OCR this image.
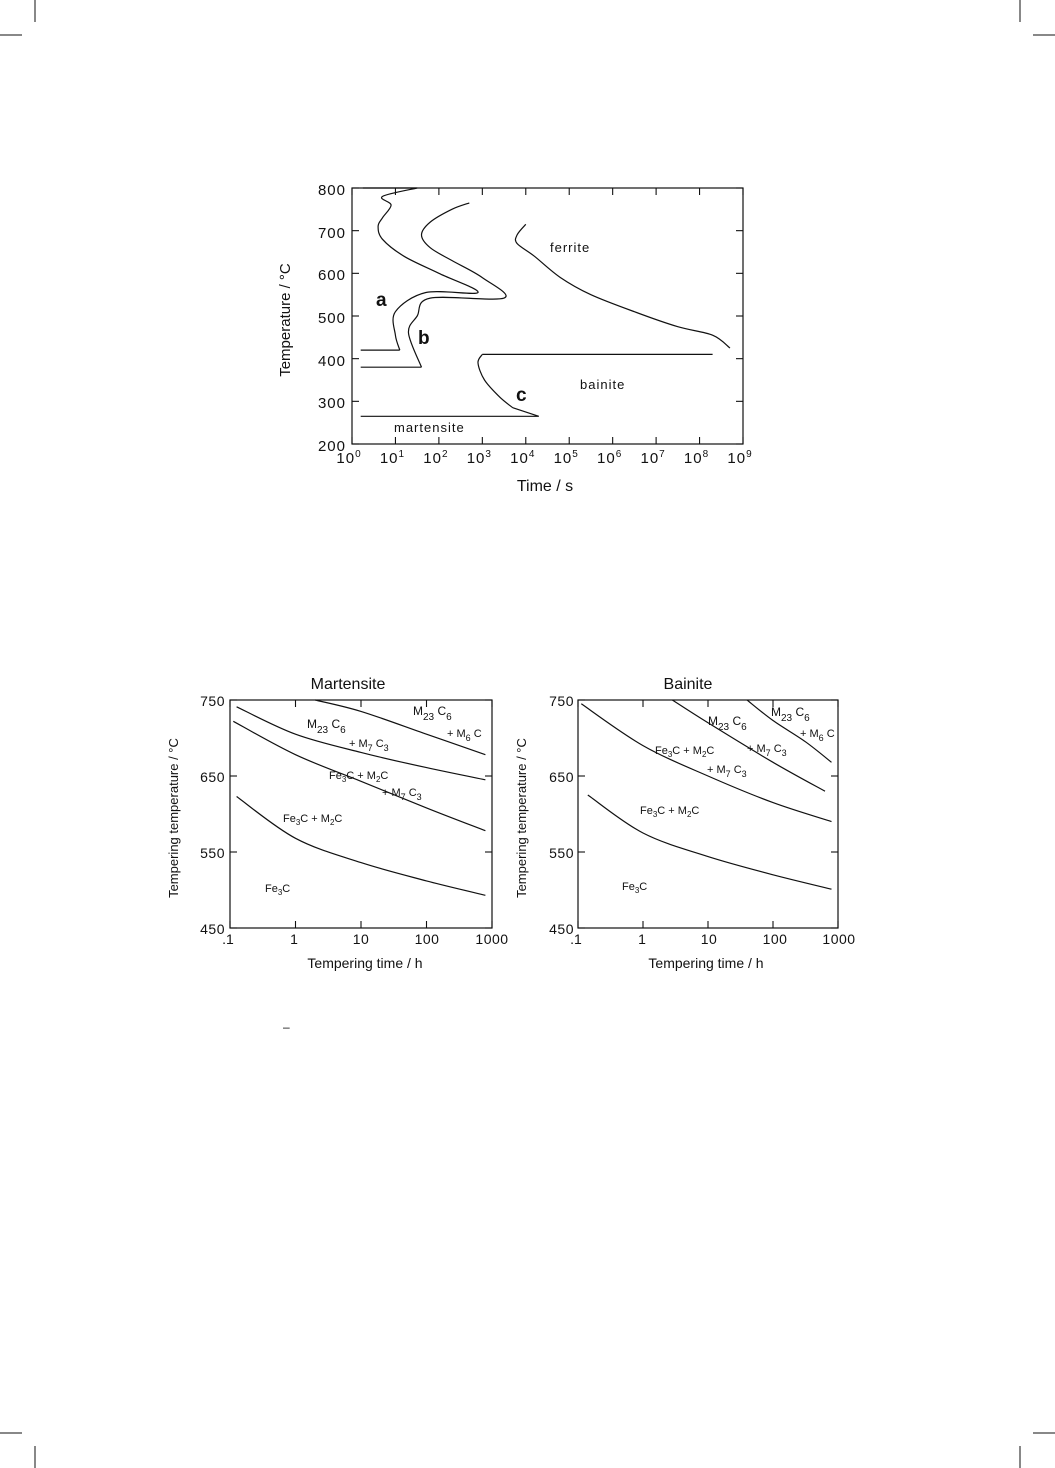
800
700
600
500
400
300
200
$10^0$ $10^1$ $10^2$ $10^3$ $10^4$ $10^5$ $10^6$ $10^7$ $10^8$ $10^9$
Temperature / °C
Time / s
a
b
c
ferrite
bainite
martensite
Martensite
750
650
550
450
.1	1	10	100	1000
Tempering time / h
Tempering temperature / °C	$Fe_3C$
$Fe_3C + M_2C$
$Fe_3C + M_2C$
+ $M_7$ $C_3$
$M_{23}$ $C_6$
+ $M_7$ $C_3$
$M_{23}$ $C_6$
+ $M_6$ C
Bainite
750
650
550
450
.1	1	10	100 1000
Tempering time / h
Tempering temperature / °C	$Fe_3C$
$Fe_3C + M_2C$
$Fe_3C + M_2C$
+ $M_7$ $C_3$
$M_{23}$ $C_6$
+ $M_7$ $C_3$
$M_{23}$ $C_6$
+ $M_6$ C
–
